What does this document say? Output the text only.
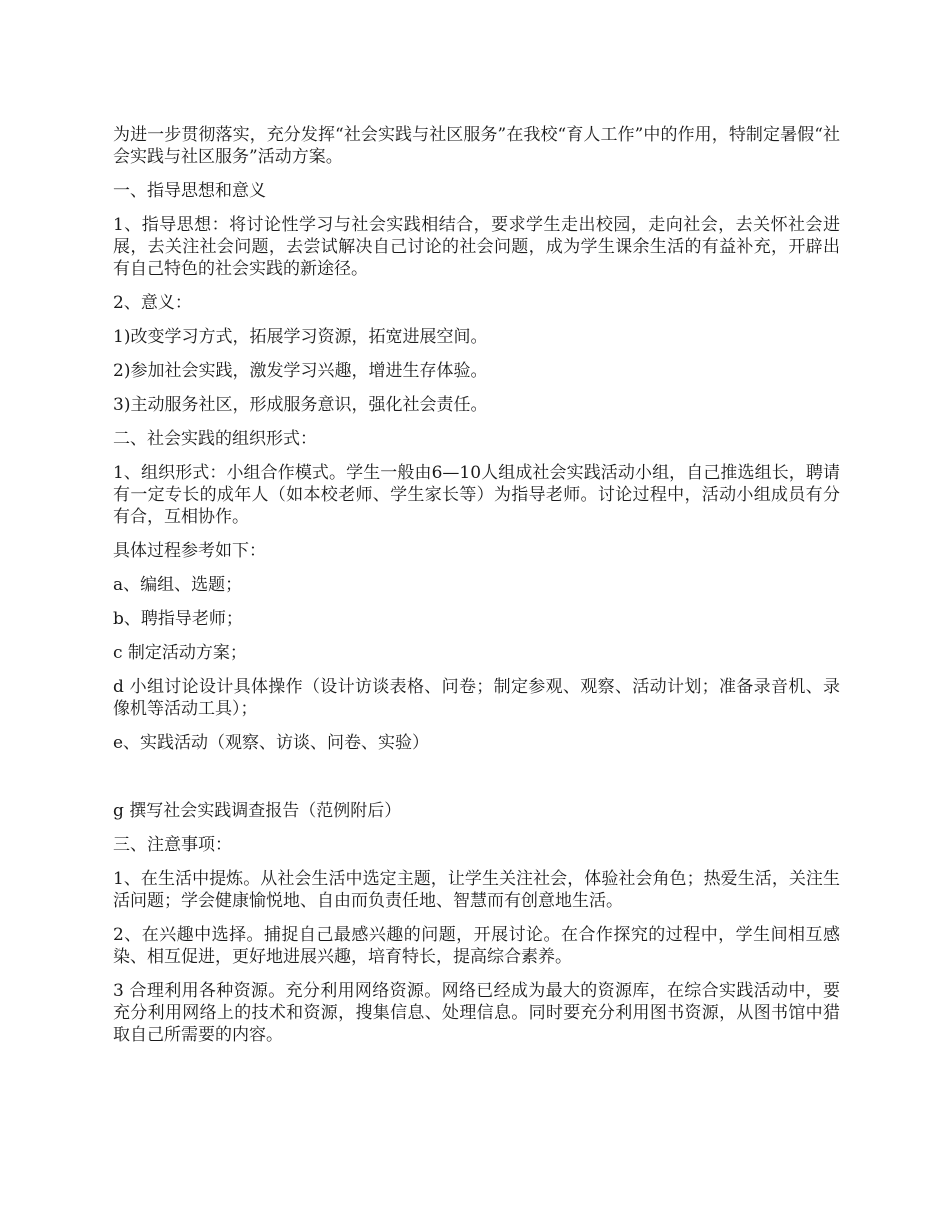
为进一步贯彻落实，充分发挥“社会实践与社区服务”在我校“育人工作”中的作用，特制定暑假“社会实践与社区服务”活动方案。

一、指导思想和意义

1、指导思想：将讨论性学习与社会实践相结合，要求学生走出校园，走向社会，去关怀社会进展，去关注社会问题，去尝试解决自己讨论的社会问题，成为学生课余生活的有益补充，开辟出有自己特色的社会实践的新途径。

2、意义：

1)改变学习方式，拓展学习资源，拓宽进展空间。

2)参加社会实践，激发学习兴趣，增进生存体验。

3)主动服务社区，形成服务意识，强化社会责任。

二、社会实践的组织形式：

1、组织形式：小组合作模式。学生一般由6—10人组成社会实践活动小组，自己推选组长，聘请有一定专长的成年人（如本校老师、学生家长等）为指导老师。讨论过程中，活动小组成员有分有合，互相协作。

具体过程参考如下：

a、编组、选题；

b、聘指导老师；

c 制定活动方案；

d 小组讨论设计具体操作（设计访谈表格、问卷；制定参观、观察、活动计划；准备录音机、录像机等活动工具）；

e、实践活动（观察、访谈、问卷、实验）

g 撰写社会实践调查报告（范例附后）

三、注意事项：

1、在生活中提炼。从社会生活中选定主题，让学生关注社会，体验社会角色；热爱生活，关注生活问题；学会健康愉悦地、自由而负责任地、智慧而有创意地生活。

2、在兴趣中选择。捕捉自己最感兴趣的问题，开展讨论。在合作探究的过程中，学生间相互感染、相互促进，更好地进展兴趣，培育特长，提高综合素养。

3 合理利用各种资源。充分利用网络资源。网络已经成为最大的资源库，在综合实践活动中，要充分利用网络上的技术和资源，搜集信息、处理信息。同时要充分利用图书资源，从图书馆中猎取自己所需要的内容。
